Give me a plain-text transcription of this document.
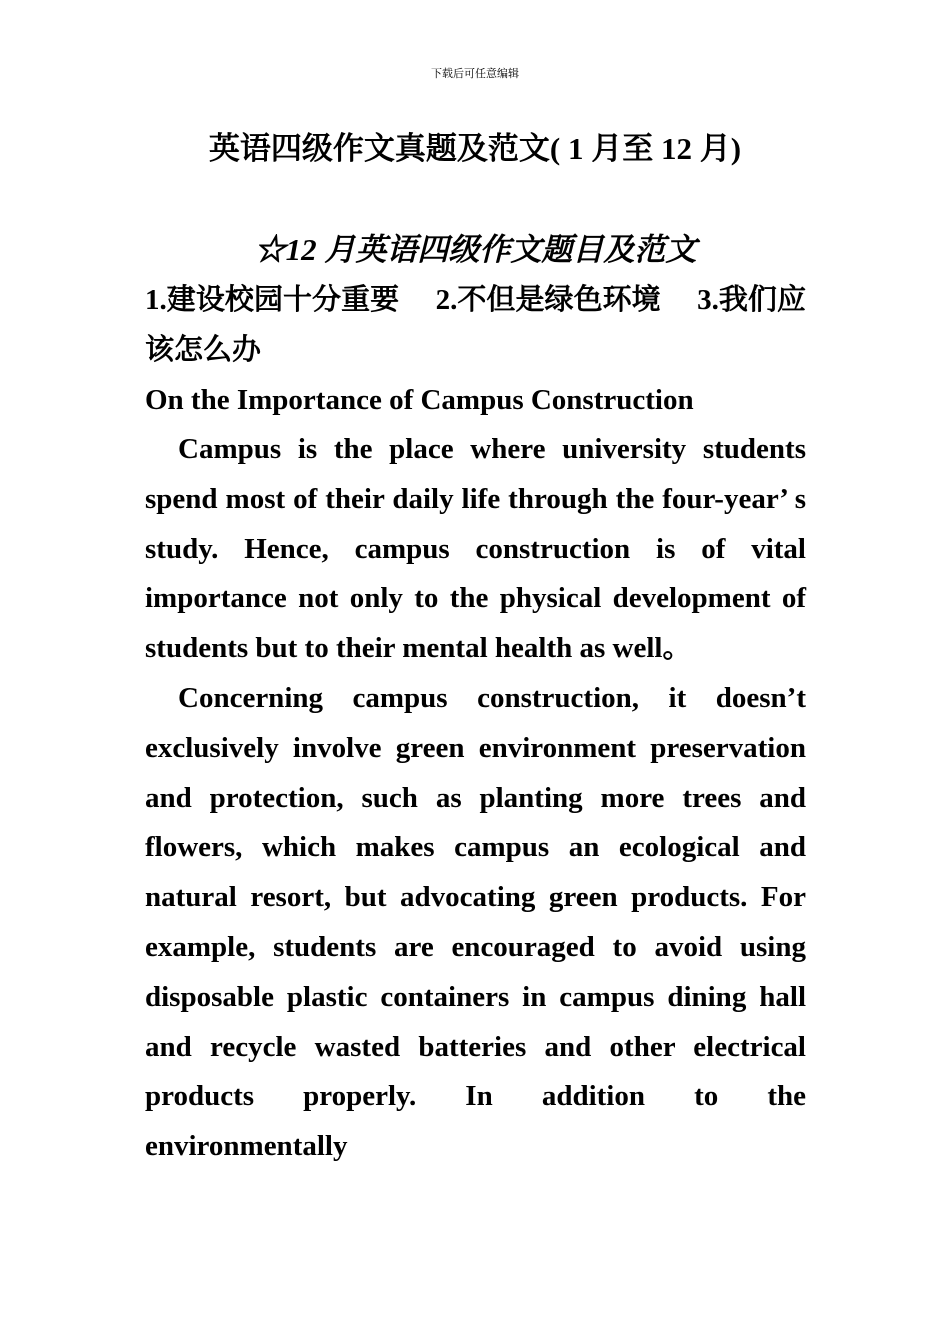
下载后可任意编辑
英语四级作文真题及范文( 1 月至 12 月)
☆12 月英语四级作文题目及范文

1.建设校园十分重要　 2.不但是绿色环境　 3.我们应该怎么办

On the Importance of Campus Construction

Campus is the place where university students spend most of their daily life through the four-year’ s study. Hence, campus construction is of vital importance not only to the physical development of students but to their mental health as well。

Concerning campus construction, it doesn’t exclusively involve green environment preservation and protection, such as planting more trees and flowers, which makes campus an ecological and natural resort, but advocating green products. For example, students are encouraged to avoid using disposable plastic containers in campus dining hall and recycle wasted batteries and other electrical products properly. In addition to the environmentally
